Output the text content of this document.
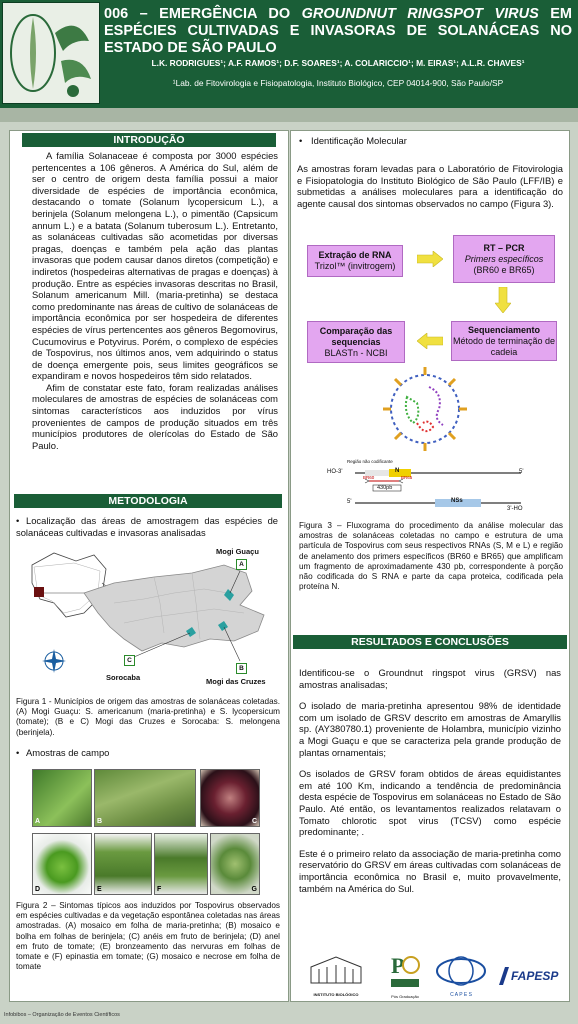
006 – EMERGÊNCIA DO GROUNDNUT RINGSPOT VIRUS EM ESPÉCIES CULTIVADAS E INVASORAS DE SOLANÁCEAS NO ESTADO DE SÃO PAULO
L.K. RODRIGUES¹; A.F. RAMOS¹; D.F. SOARES¹; A. COLARICCIO¹; M. EIRAS¹; A.L.R. CHAVES¹
¹Lab. de Fitovirologia e Fisiopatologia, Instituto Biológico, CEP 04014-900, São Paulo/SP
INTRODUÇÃO

A família Solanaceae é composta por 3000 espécies pertencentes a 106 gêneros. A América do Sul, além de ser o centro de origem desta família possui a maior diversidade de espécies de importância econômica, destacando o tomate (Solanum lycopersicum L.), a berinjela (Solanum melongena L.), o pimentão (Capsicum annum L.) e a batata (Solanum tuberosum L.). Entretanto, as solanáceas cultivadas são acometidas por diversas pragas, doenças e também pela ação das plantas invasoras que podem causar danos diretos (competição) e indiretos (hospedeiras alternativas de pragas e doenças) à produção. Entre as espécies invasoras descritas no Brasil, Solanum americanum Mill. (maria-pretinha) se destaca como predominante nas áreas de cultivo de solanáceas de importância econômica por ser hospedeira de diferentes espécies de vírus pertencentes aos gêneros Begomovirus, Cucumovirus e Potyvirus. Porém, o complexo de espécies de Tospovirus, nos últimos anos, vem adquirindo o status de doença emergente pois, seus limites geográficos se expandiram e novos hospedeiros têm sido relatados.

Afim de constatar este fato, foram realizadas análises moleculares de amostras de espécies de solanáceas com sintomas característicos aos induzidos por vírus provenientes de campos de produção situados em três municípios produtores de olerícolas do Estado de São Paulo.

METODOLOGIA
• Localização das áreas de amostragem das espécies de solanáceas cultivadas e invasoras analisadas
Mogi Guaçu
A
C
B
Sorocaba	Mogi das Cruzes
Figura 1 - Municípios de origem das amostras de solanáceas coletadas. (A) Mogi Guaçu: S. americanum (maria-pretinha) e S. lycopersicum (tomate); (B e C) Mogi das Cruzes e Sorocaba: S. melongena (berinjela).
• Amostras de campo
A	B	C
D	E	F	G
Figura 2 – Sintomas típicos aos induzidos por Tospovirus observados em espécies cultivadas e da vegetação espontânea coletadas nas áreas amostradas. (A) mosaico em folha de maria-pretinha; (B) mosaico e bolha em folhas de berinjela; (C) anéis em fruto de berinjela; (D) anel em fruto de tomate; (E) bronzeamento das nervuras em folhas de tomate e (F) epinastia em tomate; (G) mosaico e necrose em folha de tomate
• Identificação Molecular

As amostras foram levadas para o Laboratório de Fitovirologia e Fisiopatologia do Instituto Biológico de São Paulo (LFF/IB) e submetidas a análises moleculares para a identificação do agente causal dos sintomas observados no campo (Figura 3).

Extração de RNA
Trizol™ (invitrogem)
RT – PCR
Primers específicos
(BR60 e BR65)
Sequenciamento
Método de terminação de cadeia
Comparação das sequencias
BLASTn - NCBI
Região não codificante
HO-3'	5'
N
BR60	BR65
430pb
5'	NSs
3'-HO
Figura 3 – Fluxograma do procedimento da análise molecular das amostras de solanáceas coletadas no campo e estrutura de uma partícula de Tospovirus com seus respectivos RNAs (S, M e L) e região de anelamento dos primers específicos (BR60 e BR65) que amplificam um fragmento de aproximadamente 430 pb, correspondente à porção não codificada do S RNA e parte da capa proteica, codificada pela proteína N.
RESULTADOS E CONCLUSÕES

Identificou-se o Groundnut ringspot virus (GRSV) nas amostras analisadas;

O isolado de maria-pretinha apresentou 98% de identidade com um isolado de GRSV descrito em amostras de Amaryllis sp. (AY380780.1) proveniente de Holambra, município vizinho a Mogi Guaçu e que se caracteriza pela grande produção de plantas ornamentais;

Os isolados de GRSV foram obtidos de áreas equidistantes em até 100 Km, indicando a tendência de predominância desta espécie de Tospovirus em solanáceas no Estado de São Paulo. Até então, os levantamentos realizados relatavam o Tomato chlorotic spot virus (TCSV) como espécie predominante; .

Este é o primeiro relato da associação de maria-pretinha como reservatório do GRSV em áreas cultivadas com solanáceas de importância econômica no Brasil e, muito provavelmente, também na América do Sul.

INSTITUTO BIOLÓGICO
P
Pós Graduação	C A P E S
FAPESP
Infobibos – Organização de Eventos Científicos
